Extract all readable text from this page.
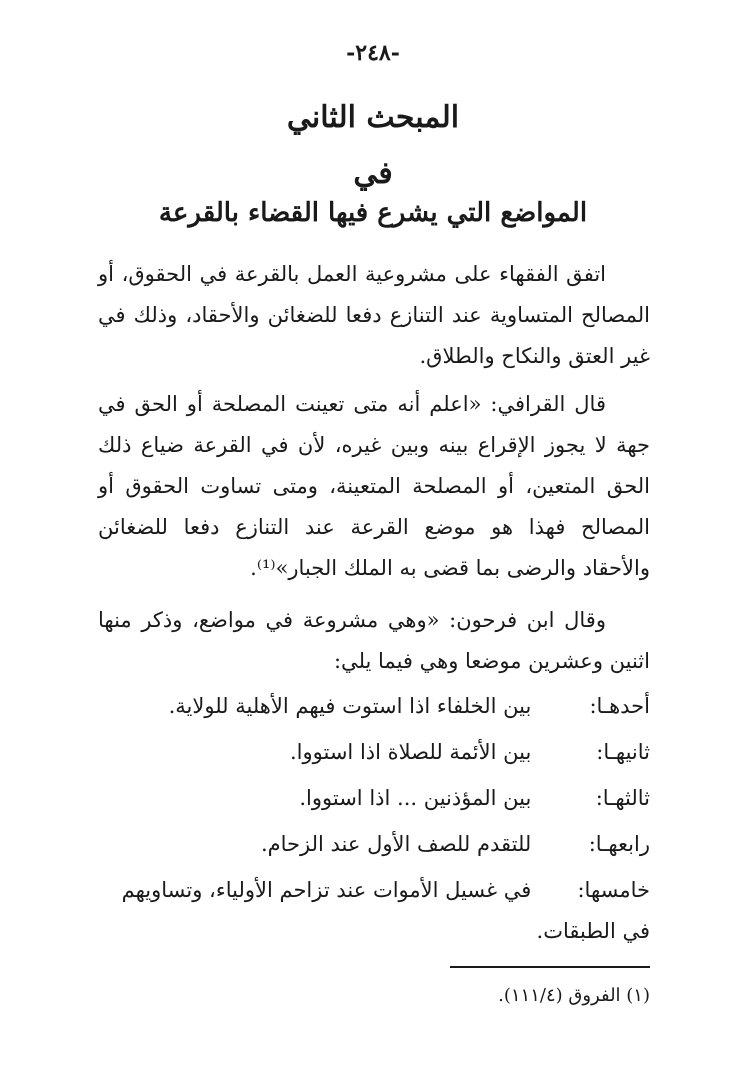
-٢٤٨-
المبحث الثاني
في
المواضع التي يشرع فيها القضاء بالقرعة
اتفق الفقهاء على مشروعية العمل بالقرعة في الحقوق، أو المصالح المتساوية عند التنازع دفعا للضغائن والأحقاد، وذلك في غير العتق والنكاح والطلاق.
قال القرافي: «اعلم أنه متى تعينت المصلحة أو الحق في جهة لا يجوز الإقراع بينه وبين غيره، لأن في القرعة ضياع ذلك الحق المتعين، أو المصلحة المتعينة، ومتى تساوت الحقوق أو المصالح فهذا هو موضع القرعة عند التنازع دفعا للضغائن والأحقاد والرضى بما قضى به الملك الجبار»⁽¹⁾.
وقال ابن فرحون: «وهي مشروعة في مواضع، وذكر منها اثنين وعشرين موضعا وهي فيما يلي:
أحدهـا: بين الخلفاء اذا استوت فيهم الأهلية للولاية.
ثانيهـا: بين الأئمة للصلاة اذا استووا.
ثالثهـا: بين المؤذنين ... اذا استووا.
رابعهـا: للتقدم للصف الأول عند الزحام.
خامسها: في غسيل الأموات عند تزاحم الأولياء، وتساويهم في الطبقات.
(١) الفروق (١١١/٤).
